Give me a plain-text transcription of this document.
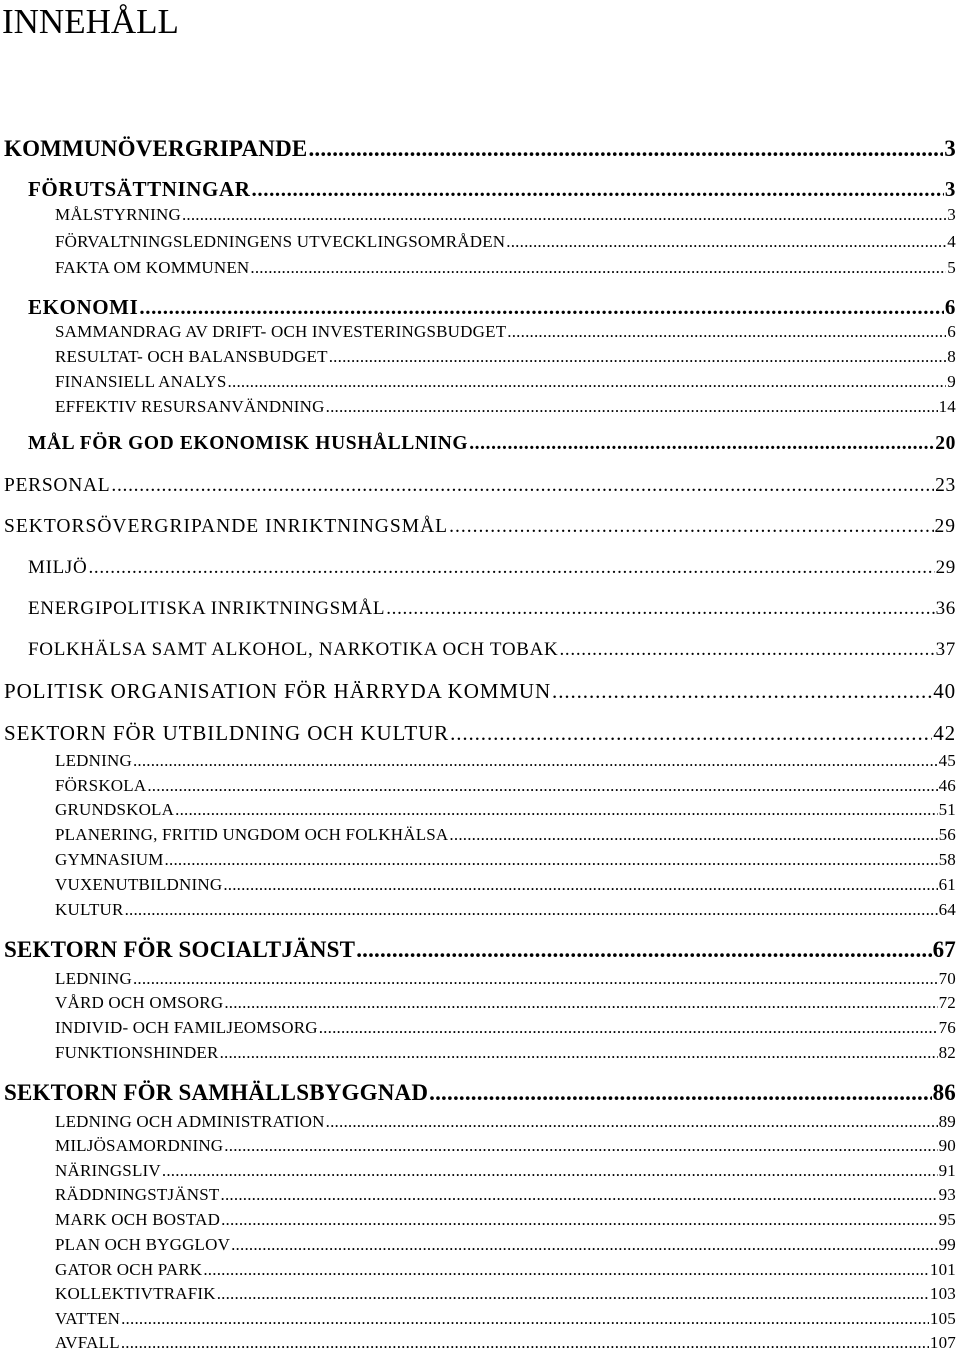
INNEHÅLL
KOMMUNÖVERGRIPANDE .....	3
FÖRUTSÄTTNINGAR .....	3
MÅLSTYRNING .....	3
FÖRVALTNINGSLEDNINGENS UTVECKLINGSOMRÅDEN .....	4
FAKTA OM KOMMUNEN .....	5
EKONOMI .....	6
SAMMANDRAG AV DRIFT- OCH INVESTERINGSBUDGET .....	6
RESULTAT- OCH BALANSBUDGET .....	8
FINANSIELL ANALYS .....	9
EFFEKTIV RESURSANVÄNDNING .....	14
MÅL FÖR GOD EKONOMISK HUSHÅLLNING .....	20
PERSONAL .....	23
SEKTORSÖVERGRIPANDE INRIKTNINGSMÅL .....	29
MILJÖ .....	29
ENERGIPOLITISKA INRIKTNINGSMÅL .....	36
FOLKHÄLSA SAMT ALKOHOL, NARKOTIKA OCH TOBAK .....	37
POLITISK ORGANISATION FÖR HÄRRYDA KOMMUN .....	40
SEKTORN FÖR UTBILDNING OCH KULTUR .....	42
LEDNING .....	45
FÖRSKOLA .....	46
GRUNDSKOLA .....	51
PLANERING, FRITID UNGDOM OCH FOLKHÄLSA .....	56
GYMNASIUM .....	58
VUXENUTBILDNING .....	61
KULTUR .....	64
SEKTORN FÖR SOCIALTJÄNST .....	67
LEDNING .....	70
VÅRD OCH OMSORG .....	72
INDIVID- OCH FAMILJEOMSORG .....	76
FUNKTIONSHINDER .....	82
SEKTORN FÖR SAMHÄLLSBYGGNAD .....	86
LEDNING OCH ADMINISTRATION .....	89
MILJÖSAMORDNING .....	90
NÄRINGSLIV .....	91
RÄDDNINGSTJÄNST .....	93
MARK OCH BOSTAD .....	95
PLAN OCH BYGGLOV .....	99
GATOR OCH PARK .....	101
KOLLEKTIVTRAFIK .....	103
VATTEN .....	105
AVFALL .....	107
